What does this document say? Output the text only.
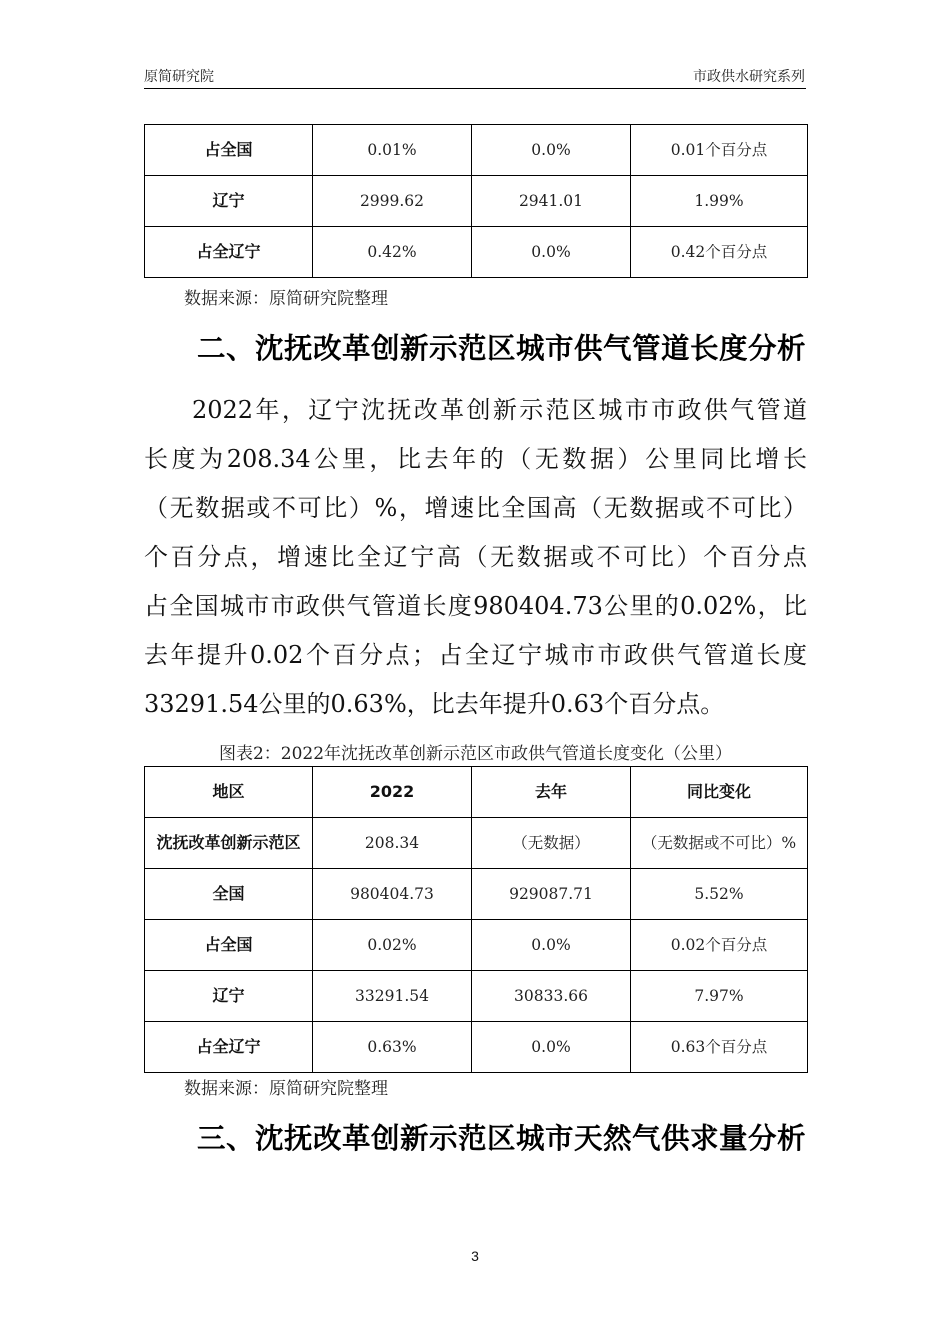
原简研究院	市政供水研究系列
占全国	0.01%	0.0%	0.01个百分点
辽宁	2999.62	2941.01	1.99%
占全辽宁	0.42%	0.0%	0.42个百分点
数据来源：原简研究院整理
二、沈抚改革创新示范区城市供气管道长度分析
2022年，辽宁沈抚改革创新示范区城市市政供气管道
长度为208.34公里，比去年的（无数据）公里同比增长
（无数据或不可比）%，增速比全国高（无数据或不可比）
个百分点，增速比全辽宁高（无数据或不可比）个百分点
占全国城市市政供气管道长度980404.73公里的0.02%，比
去年提升0.02个百分点；占全辽宁城市市政供气管道长度
33291.54公里的0.63%，比去年提升0.63个百分点。
图表2：2022年沈抚改革创新示范区市政供气管道长度变化（公里）
地区	2022	去年	同比变化
沈抚改革创新示范区	208.34	（无数据）	（无数据或不可比）%
全国	980404.73	929087.71	5.52%
占全国	0.02%	0.0%	0.02个百分点
辽宁	33291.54	30833.66	7.97%
占全辽宁	0.63%	0.0%	0.63个百分点
数据来源：原简研究院整理
三、沈抚改革创新示范区城市天然气供求量分析
3
